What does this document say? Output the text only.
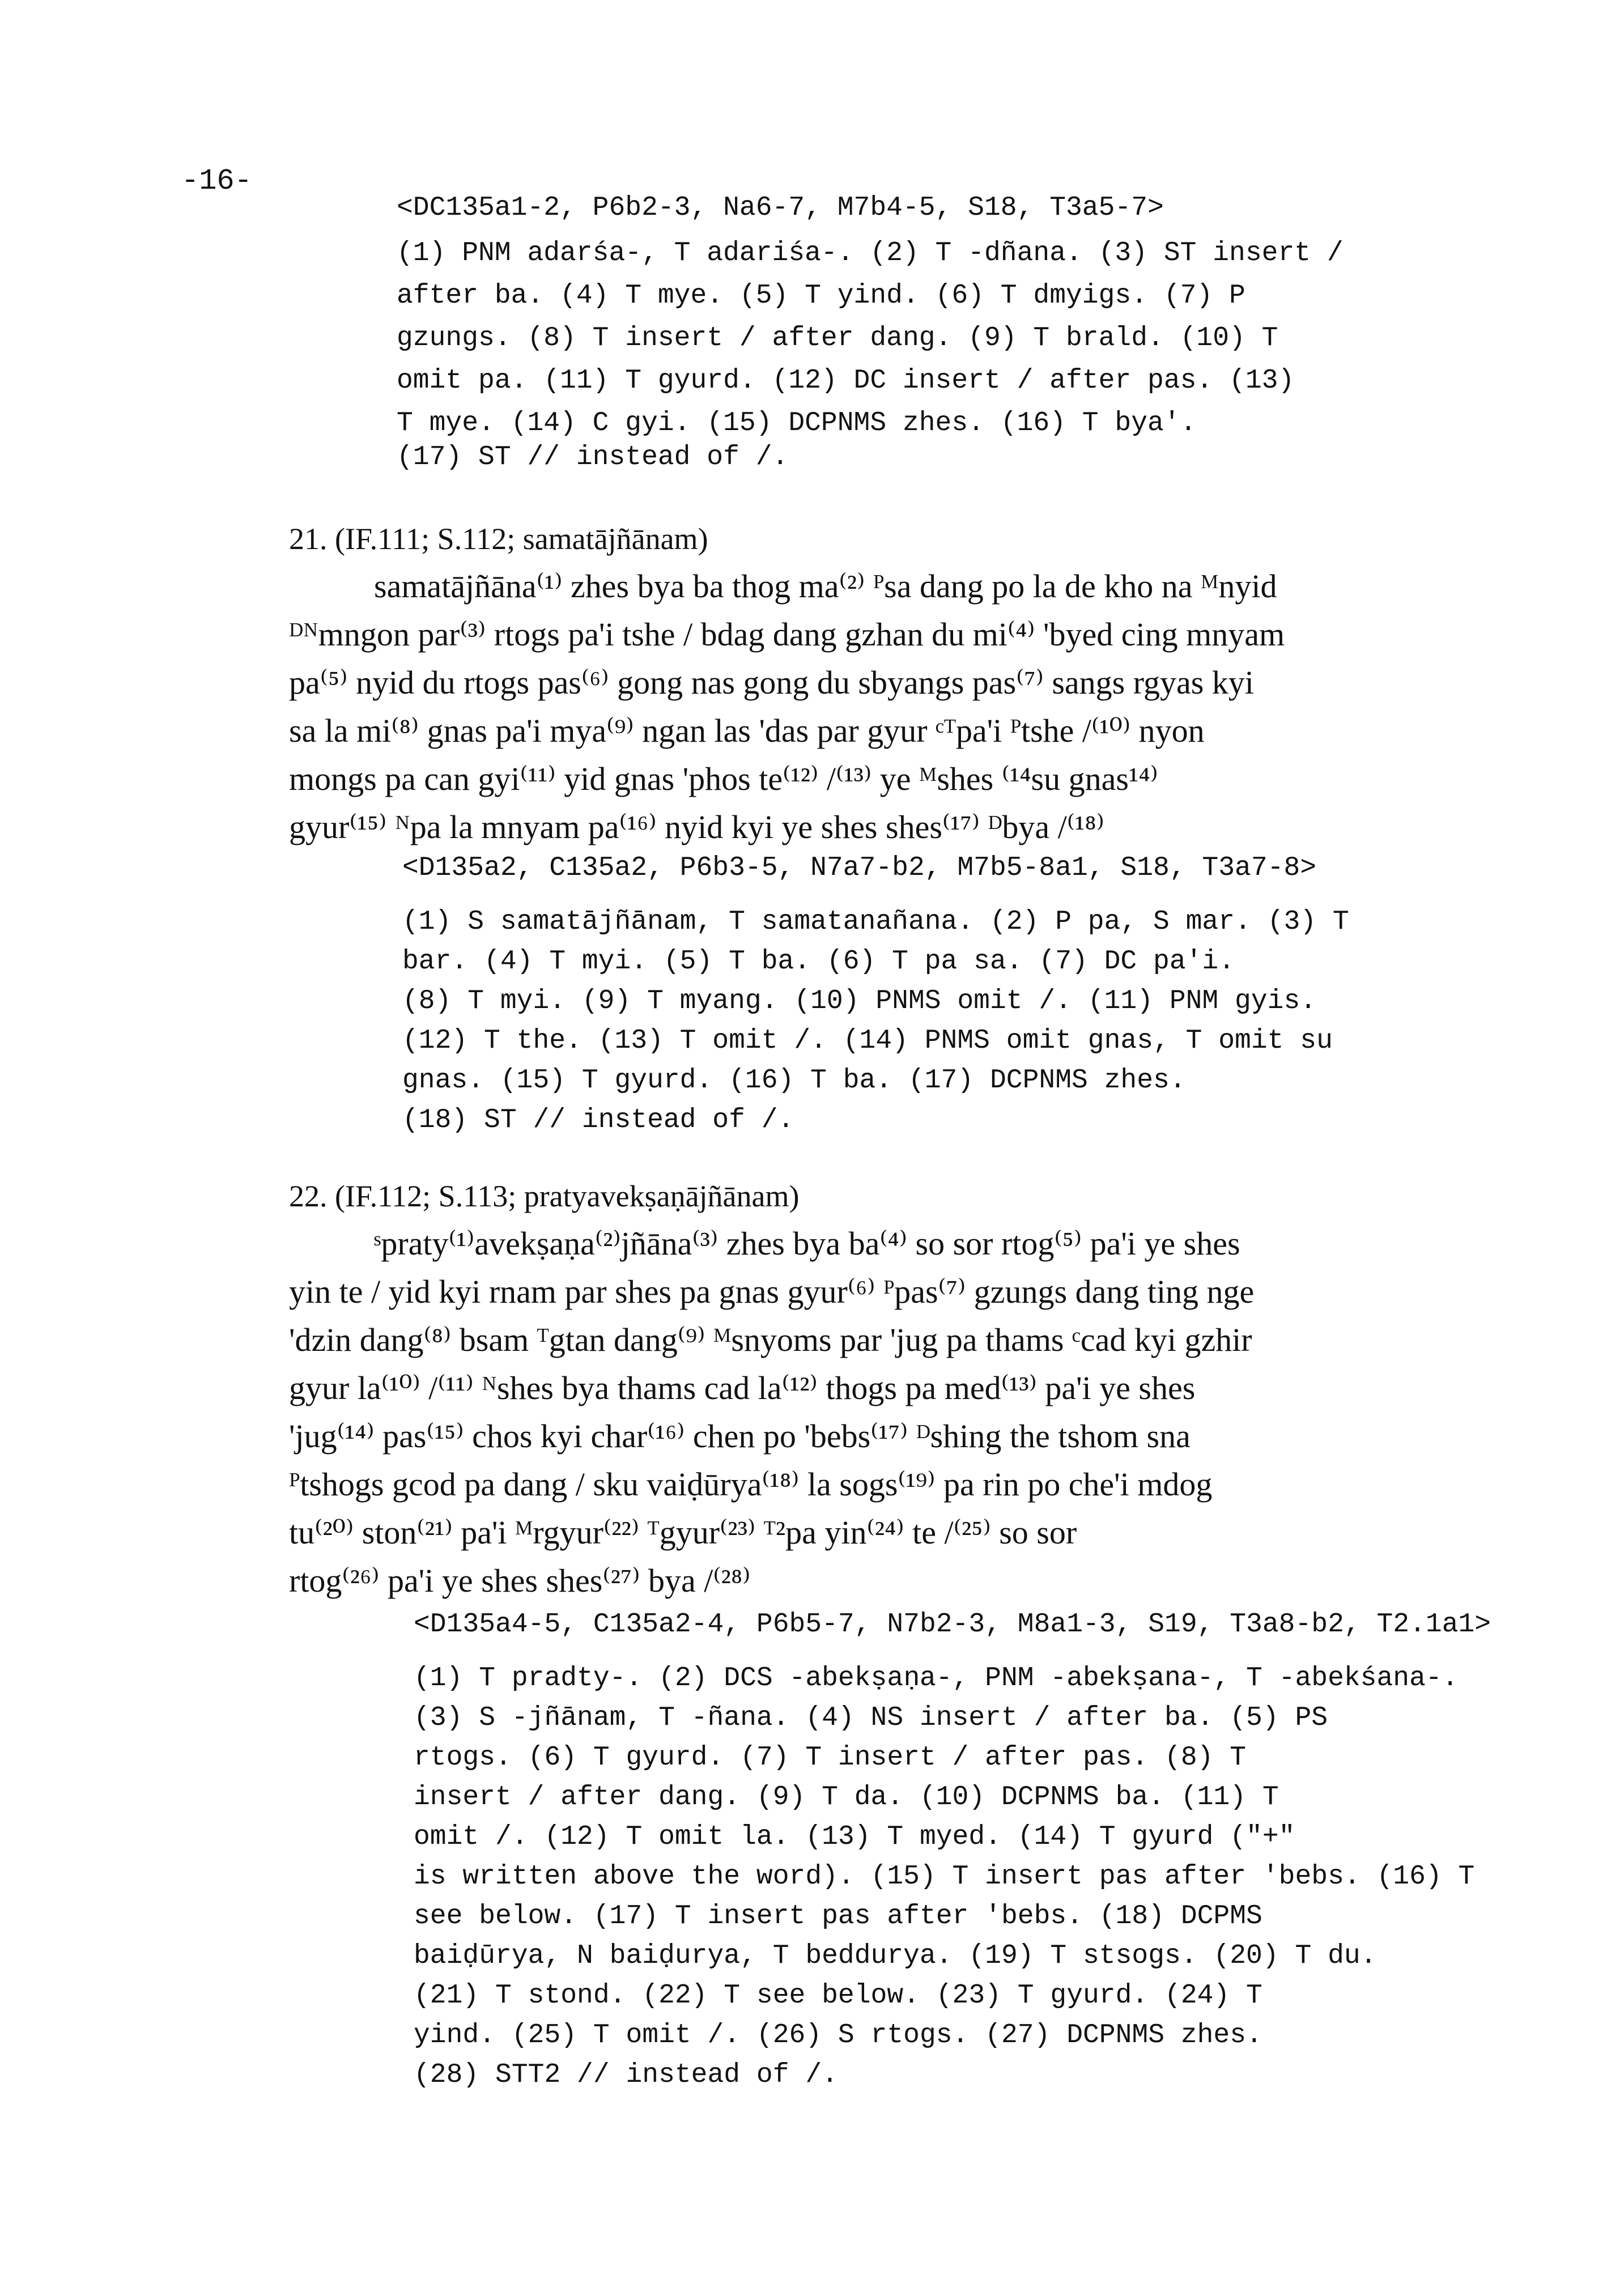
-16-
<DC135a1-2, P6b2-3, Na6-7, M7b4-5, S18, T3a5-7>
(1) PNM adarśa-, T adariśa-. (2) T -dñana. (3) ST insert /
after ba. (4) T mye. (5) T yind. (6) T dmyigs. (7) P
gzungs. (8) T insert / after dang. (9) T brald. (10) T
omit pa. (11) T gyurd. (12) DC insert / after pas. (13)
T mye. (14) C gyi. (15) DCPNMS zhes. (16) T bya'.
(17) ST // instead of /.
21. (IF.111; S.112; samatājñānam)
samatājñāna⁽¹⁾ zhes bya ba thog ma⁽²⁾ ᴾsa dang po la de kho na ᴹnyid
ᴰᴺmngon par⁽³⁾ rtogs pa'i tshe / bdag dang gzhan du mi⁽⁴⁾ 'byed cing mnyam
pa⁽⁵⁾ nyid du rtogs pas⁽⁶⁾ gong nas gong du sbyangs pas⁽⁷⁾ sangs rgyas kyi
sa la mi⁽⁸⁾ gnas pa'i mya⁽⁹⁾ ngan las 'das par gyur ᶜᵀpa'i ᴾtshe /⁽¹⁰⁾ nyon
mongs pa can gyi⁽¹¹⁾ yid gnas 'phos te⁽¹²⁾ /⁽¹³⁾ ye ᴹshes ⁽¹⁴su gnas¹⁴⁾
gyur⁽¹⁵⁾ ᴺpa la mnyam pa⁽¹⁶⁾ nyid kyi ye shes shes⁽¹⁷⁾ ᴰbya /⁽¹⁸⁾
<D135a2, C135a2, P6b3-5, N7a7-b2, M7b5-8a1, S18, T3a7-8>
(1) S samatājñānam, T samatanañana. (2) P pa, S mar. (3) T
bar. (4) T myi. (5) T ba. (6) T pa sa. (7) DC pa'i.
(8) T myi. (9) T myang. (10) PNMS omit /. (11) PNM gyis.
(12) T the. (13) T omit /. (14) PNMS omit gnas, T omit su
gnas. (15) T gyurd. (16) T ba. (17) DCPNMS zhes.
(18) ST // instead of /.
22. (IF.112; S.113; pratyavekṣaṇājñānam)
ˢpraty⁽¹⁾avekṣaṇa⁽²⁾jñāna⁽³⁾ zhes bya ba⁽⁴⁾ so sor rtog⁽⁵⁾ pa'i ye shes
yin te / yid kyi rnam par shes pa gnas gyur⁽⁶⁾ ᴾpas⁽⁷⁾ gzungs dang ting nge
'dzin dang⁽⁸⁾ bsam ᵀgtan dang⁽⁹⁾ ᴹsnyoms par 'jug pa thams ᶜcad kyi gzhir
gyur la⁽¹⁰⁾ /⁽¹¹⁾ ᴺshes bya thams cad la⁽¹²⁾ thogs pa med⁽¹³⁾ pa'i ye shes
'jug⁽¹⁴⁾ pas⁽¹⁵⁾ chos kyi char⁽¹⁶⁾ chen po 'bebs⁽¹⁷⁾ ᴰshing the tshom sna
ᴾtshogs gcod pa dang / sku vaiḍūrya⁽¹⁸⁾ la sogs⁽¹⁹⁾ pa rin po che'i mdog
tu⁽²⁰⁾ ston⁽²¹⁾ pa'i ᴹrgyur⁽²²⁾ ᵀgyur⁽²³⁾ ᵀ²pa yin⁽²⁴⁾ te /⁽²⁵⁾ so sor
rtog⁽²⁶⁾ pa'i ye shes shes⁽²⁷⁾ bya /⁽²⁸⁾
<D135a4-5, C135a2-4, P6b5-7, N7b2-3, M8a1-3, S19, T3a8-b2, T2.1a1>
(1) T pradty-. (2) DCS -abekṣaṇa-, PNM -abekṣana-, T -abekśana-.
(3) S -jñānam, T -ñana. (4) NS insert / after ba. (5) PS
rtogs. (6) T gyurd. (7) T insert / after pas. (8) T
insert / after dang. (9) T da. (10) DCPNMS ba. (11) T
omit /. (12) T omit la. (13) T myed. (14) T gyurd ("+"
is written above the word). (15) T insert pas after 'bebs. (16) T
see below. (17) T insert pas after 'bebs. (18) DCPMS
baiḍūrya, N baiḍurya, T beddurya. (19) T stsogs. (20) T du.
(21) T stond. (22) T see below. (23) T gyurd. (24) T
yind. (25) T omit /. (26) S rtogs. (27) DCPNMS zhes.
(28) STT2 // instead of /.
